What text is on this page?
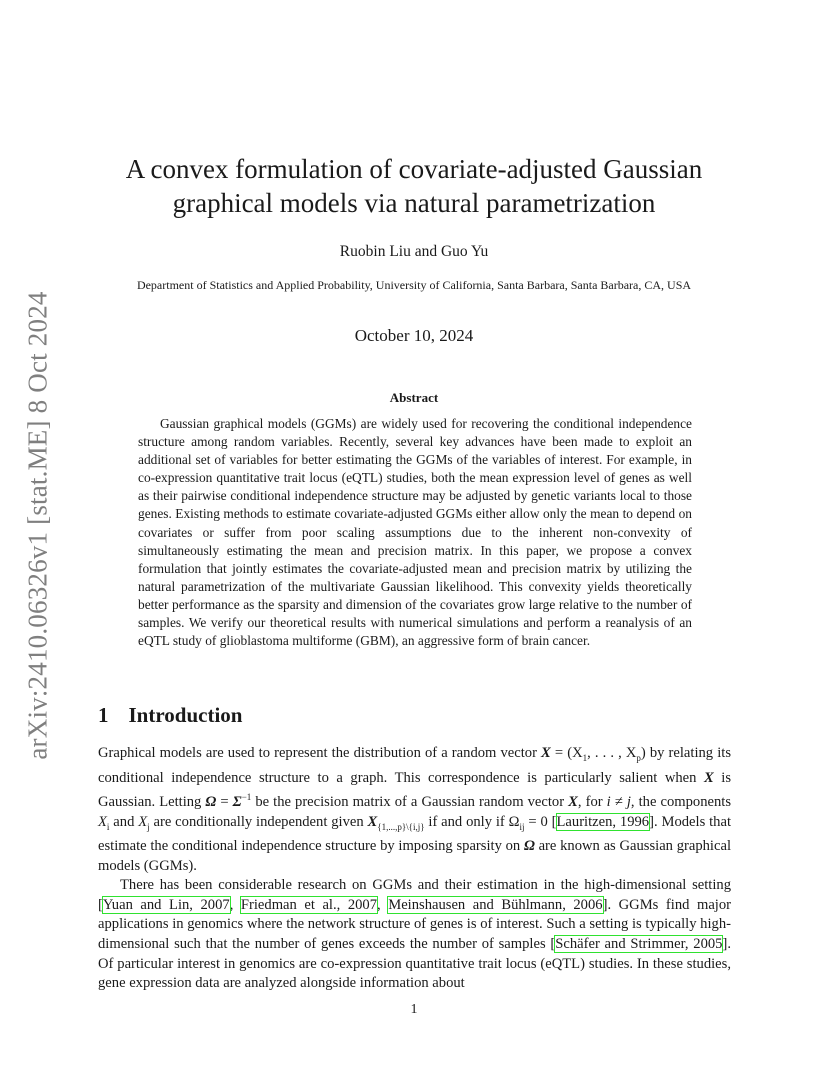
arXiv:2410.06326v1 [stat.ME] 8 Oct 2024
A convex formulation of covariate-adjusted Gaussian graphical models via natural parametrization
Ruobin Liu and Guo Yu
Department of Statistics and Applied Probability, University of California, Santa Barbara, Santa Barbara, CA, USA
October 10, 2024
Abstract

Gaussian graphical models (GGMs) are widely used for recovering the conditional independence structure among random variables. Recently, several key advances have been made to exploit an additional set of variables for better estimating the GGMs of the variables of interest. For example, in co-expression quantitative trait locus (eQTL) studies, both the mean expression level of genes as well as their pairwise conditional independence structure may be adjusted by genetic variants local to those genes. Existing methods to estimate covariate-adjusted GGMs either allow only the mean to depend on covariates or suffer from poor scaling assumptions due to the inherent non-convexity of simultaneously estimating the mean and precision matrix. In this paper, we propose a convex formulation that jointly estimates the covariate-adjusted mean and precision matrix by utilizing the natural parametrization of the multivariate Gaussian likelihood. This convexity yields theoretically better performance as the sparsity and dimension of the covariates grow large relative to the number of samples. We verify our theoretical results with numerical simulations and perform a reanalysis of an eQTL study of glioblastoma multiforme (GBM), an aggressive form of brain cancer.

1 Introduction

Graphical models are used to represent the distribution of a random vector $X = (X_1$, . . . , $X_p$) by relating its conditional independence structure to a graph. This correspondence is particularly salient when X is Gaussian. Letting $\Omega = \Sigma^{-1}$ be the precision matrix of a Gaussian random vector X, for i ≠ j, the components $X_i$ and $X_j$ are conditionally independent given $X_{\{1,...,p\}\backslash\{i,j\}}$ if and only if $\Omega_{ij} = 0$ [Lauritzen, 1996]. Models that estimate the conditional independence structure by imposing sparsity on Ω are known as Gaussian graphical models (GGMs).

There has been considerable research on GGMs and their estimation in the high-dimensional setting [Yuan and Lin, 2007, Friedman et al., 2007, Meinshausen and Bühlmann, 2006]. GGMs find major applications in genomics where the network structure of genes is of interest. Such a setting is typically high-dimensional such that the number of genes exceeds the number of samples [Schäfer and Strimmer, 2005]. Of particular interest in genomics are co-expression quantitative trait locus (eQTL) studies. In these studies, gene expression data are analyzed alongside information about

1
